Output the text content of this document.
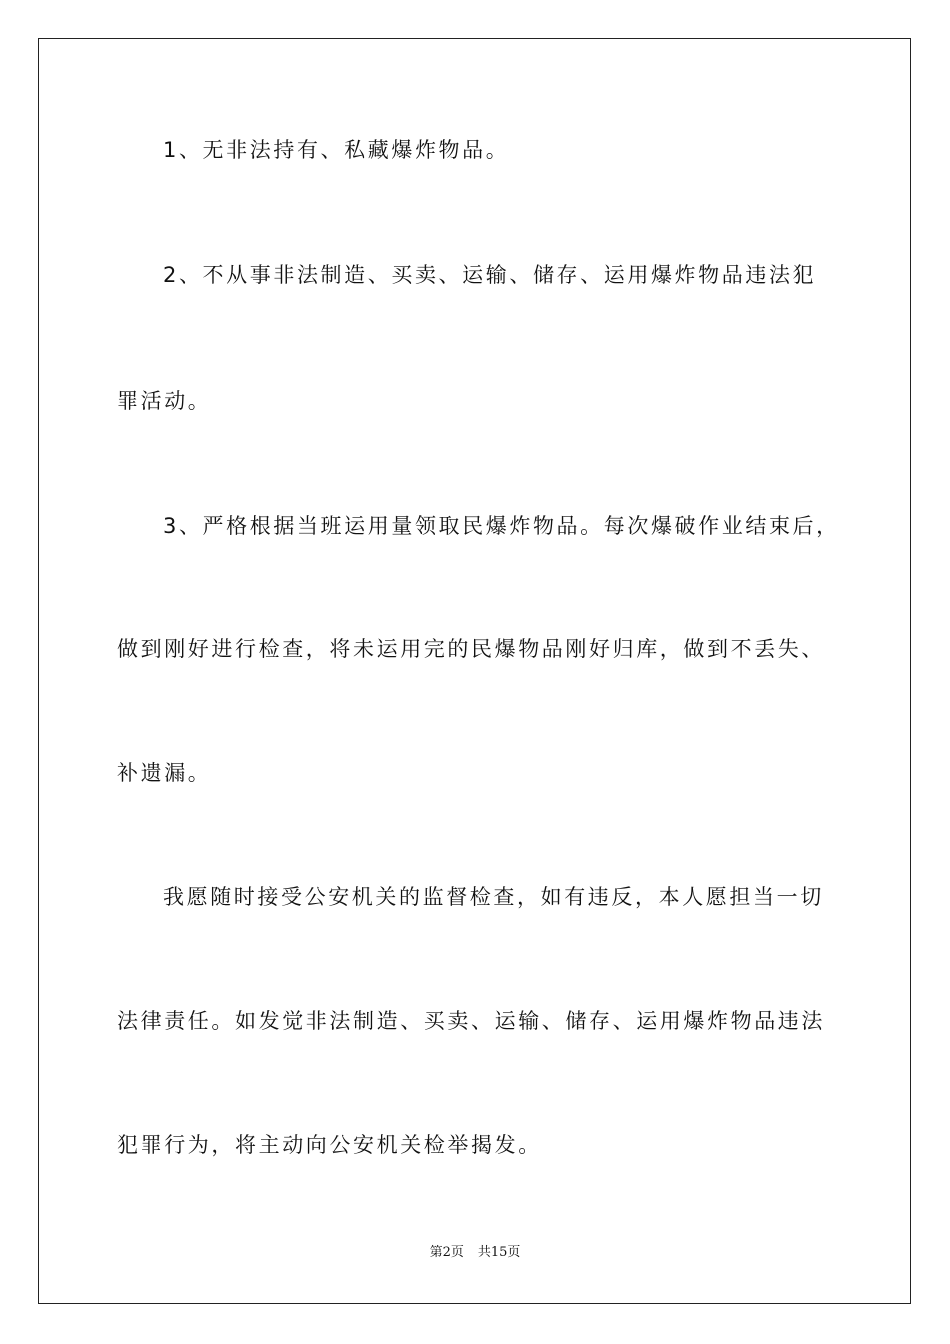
1、无非法持有、私藏爆炸物品。
2、不从事非法制造、买卖、运输、储存、运用爆炸物品违法犯
罪活动。
3、严格根据当班运用量领取民爆炸物品。每次爆破作业结束后，
做到刚好进行检查，将未运用完的民爆物品刚好归库，做到不丢失、
补遗漏。
我愿随时接受公安机关的监督检查，如有违反，本人愿担当一切
法律责任。如发觉非法制造、买卖、运输、储存、运用爆炸物品违法
犯罪行为，将主动向公安机关检举揭发。
第2页 共15页
